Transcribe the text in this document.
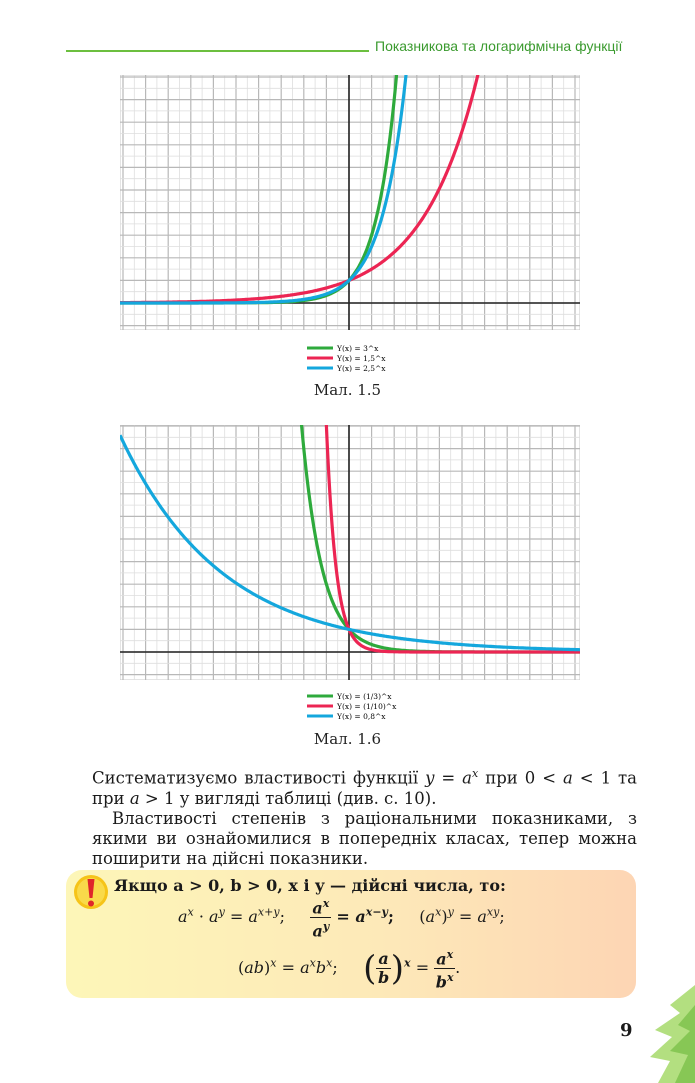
Показникова та логарифмічна функції
Y(x) = 3^x
Y(x) = 1,5^x
Y(x) = 2,5^x
Мал. 1.5
Y(x) = (1/3)^x
Y(x) = (1/10)^x
Y(x) = 0,8^x
Мал. 1.6

Систематизуємо властивості функції $y = a^x$ при 0 < a < 1 та при a > 1 у вигляді таблиці (див. с. 10).

Властивості степенів з раціональними показниками, з якими ви ознайомилися в попередніх класах, тепер можна поширити на дійсні показники.

Якщо a > 0, b > 0, x і y — дійсні числа, то:
$a^x \cdot a^y = a^{x+y}$; $\frac{a^x}{a^y} = a^{x-y}$; $(a^x)^y = a^{xy}$;
$(ab)^x = a^xb^x$; ( $\frac{a}{b} )^x = \frac{a^x}{b^x}$ .
9
